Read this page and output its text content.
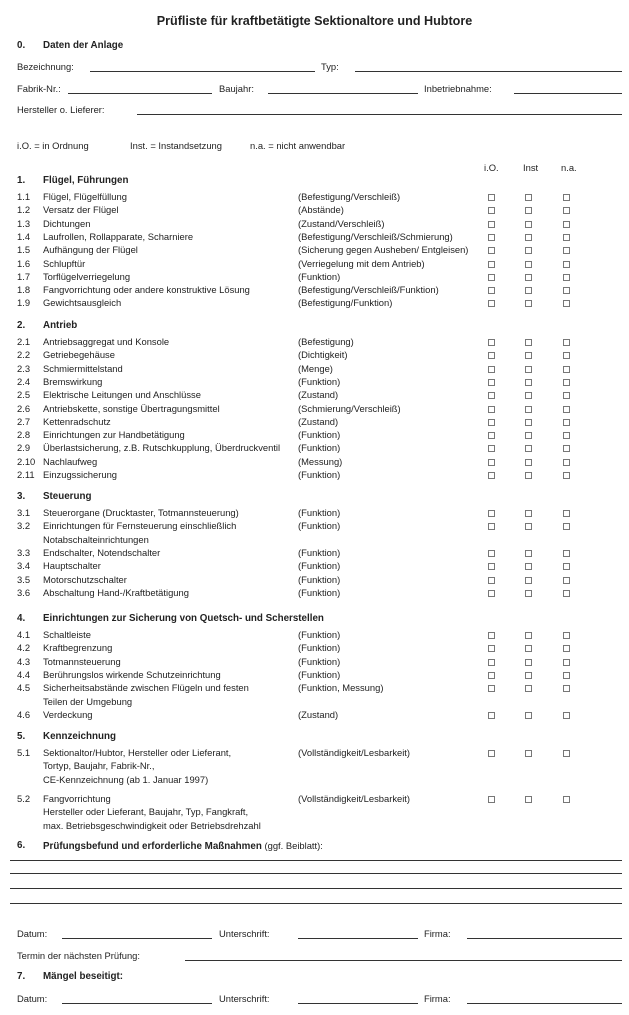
Prüfliste für kraftbetätigte Sektionaltore und Hubtore
0. Daten der Anlage
Bezeichnung:	Typ:
Fabrik-Nr.:	Baujahr:	Inbetriebnahme:
Hersteller o. Lieferer:
i.O. = in Ordnung	Inst. = Instandsetzung	n.a. = nicht anwendbar
i.O.	Inst n.a.
1. Flügel, Führungen
1.1 Flügel, Flügelfüllung	(Befestigung/Verschleiß)
1.2 Versatz der Flügel	(Abstände)
1.3 Dichtungen	(Zustand/Verschleiß)
1.4 Laufrollen, Rollapparate, Scharniere	(Befestigung/Verschleiß/Schmierung)
1.5 Aufhängung der Flügel	(Sicherung gegen Ausheben/ Entgleisen)
1.6 Schlupftür	(Verriegelung mit dem Antrieb)
1.7 Torflügelverriegelung	(Funktion)
1.8 Fangvorrichtung oder andere konstruktive Lösung	(Befestigung/Verschleiß/Funktion)
1.9 Gewichtsausgleich	(Befestigung/Funktion)
2. Antrieb
2.1 Antriebsaggregat und Konsole	(Befestigung)
2.2 Getriebegehäuse	(Dichtigkeit)
2.3 Schmiermittelstand	(Menge)
2.4 Bremswirkung	(Funktion)
2.5 Elektrische Leitungen und Anschlüsse	(Zustand)
2.6 Antriebskette, sonstige Übertragungsmittel	(Schmierung/Verschleiß)
2.7 Kettenradschutz	(Zustand)
2.8 Einrichtungen zur Handbetätigung	(Funktion)
2.9 Überlastsicherung, z.B. Rutschkupplung, Überdruckventil (Funktion)
2.10 Nachlaufweg	(Messung)
2.11 Einzugssicherung	(Funktion)
3. Steuerung
3.1 Steuerorgane (Drucktaster, Totmannsteuerung)	(Funktion)
3.2 Einrichtungen für Fernsteuerung einschließlich
Notabschalteinrichtungen
(Funktion)
3.3 Endschalter, Notendschalter	(Funktion)
3.4 Hauptschalter	(Funktion)
3.5 Motorschutzschalter	(Funktion)
3.6 Abschaltung Hand-/Kraftbetätigung	(Funktion)
4. Einrichtungen zur Sicherung von Quetsch- und Scherstellen
4.1 Schaltleiste	(Funktion)
4.2 Kraftbegrenzung	(Funktion)
4.3 Totmannsteuerung	(Funktion)
4.4 Berührungslos wirkende Schutzeinrichtung	(Funktion)
4.5 Sicherheitsabstände zwischen Flügeln und festen
Teilen der Umgebung
(Funktion, Messung)
4.6 Verdeckung	(Zustand)
5. Kennzeichnung
5.1 Sektionaltor/Hubtor, Hersteller oder Lieferant,
Tortyp, Baujahr, Fabrik-Nr.,
CE-Kennzeichnung (ab 1. Januar 1997)
(Vollständigkeit/Lesbarkeit)
5.2 Fangvorrichtung
Hersteller oder Lieferant, Baujahr, Typ, Fangkraft,
max. Betriebsgeschwindigkeit oder Betriebsdrehzahl
(Vollständigkeit/Lesbarkeit)
6. Prüfungsbefund und erforderliche Maßnahmen (ggf. Beiblatt):
Datum:	Unterschrift:	Firma:
Termin der nächsten Prüfung:
7. Mängel beseitigt:
Datum:	Unterschrift:	Firma:
